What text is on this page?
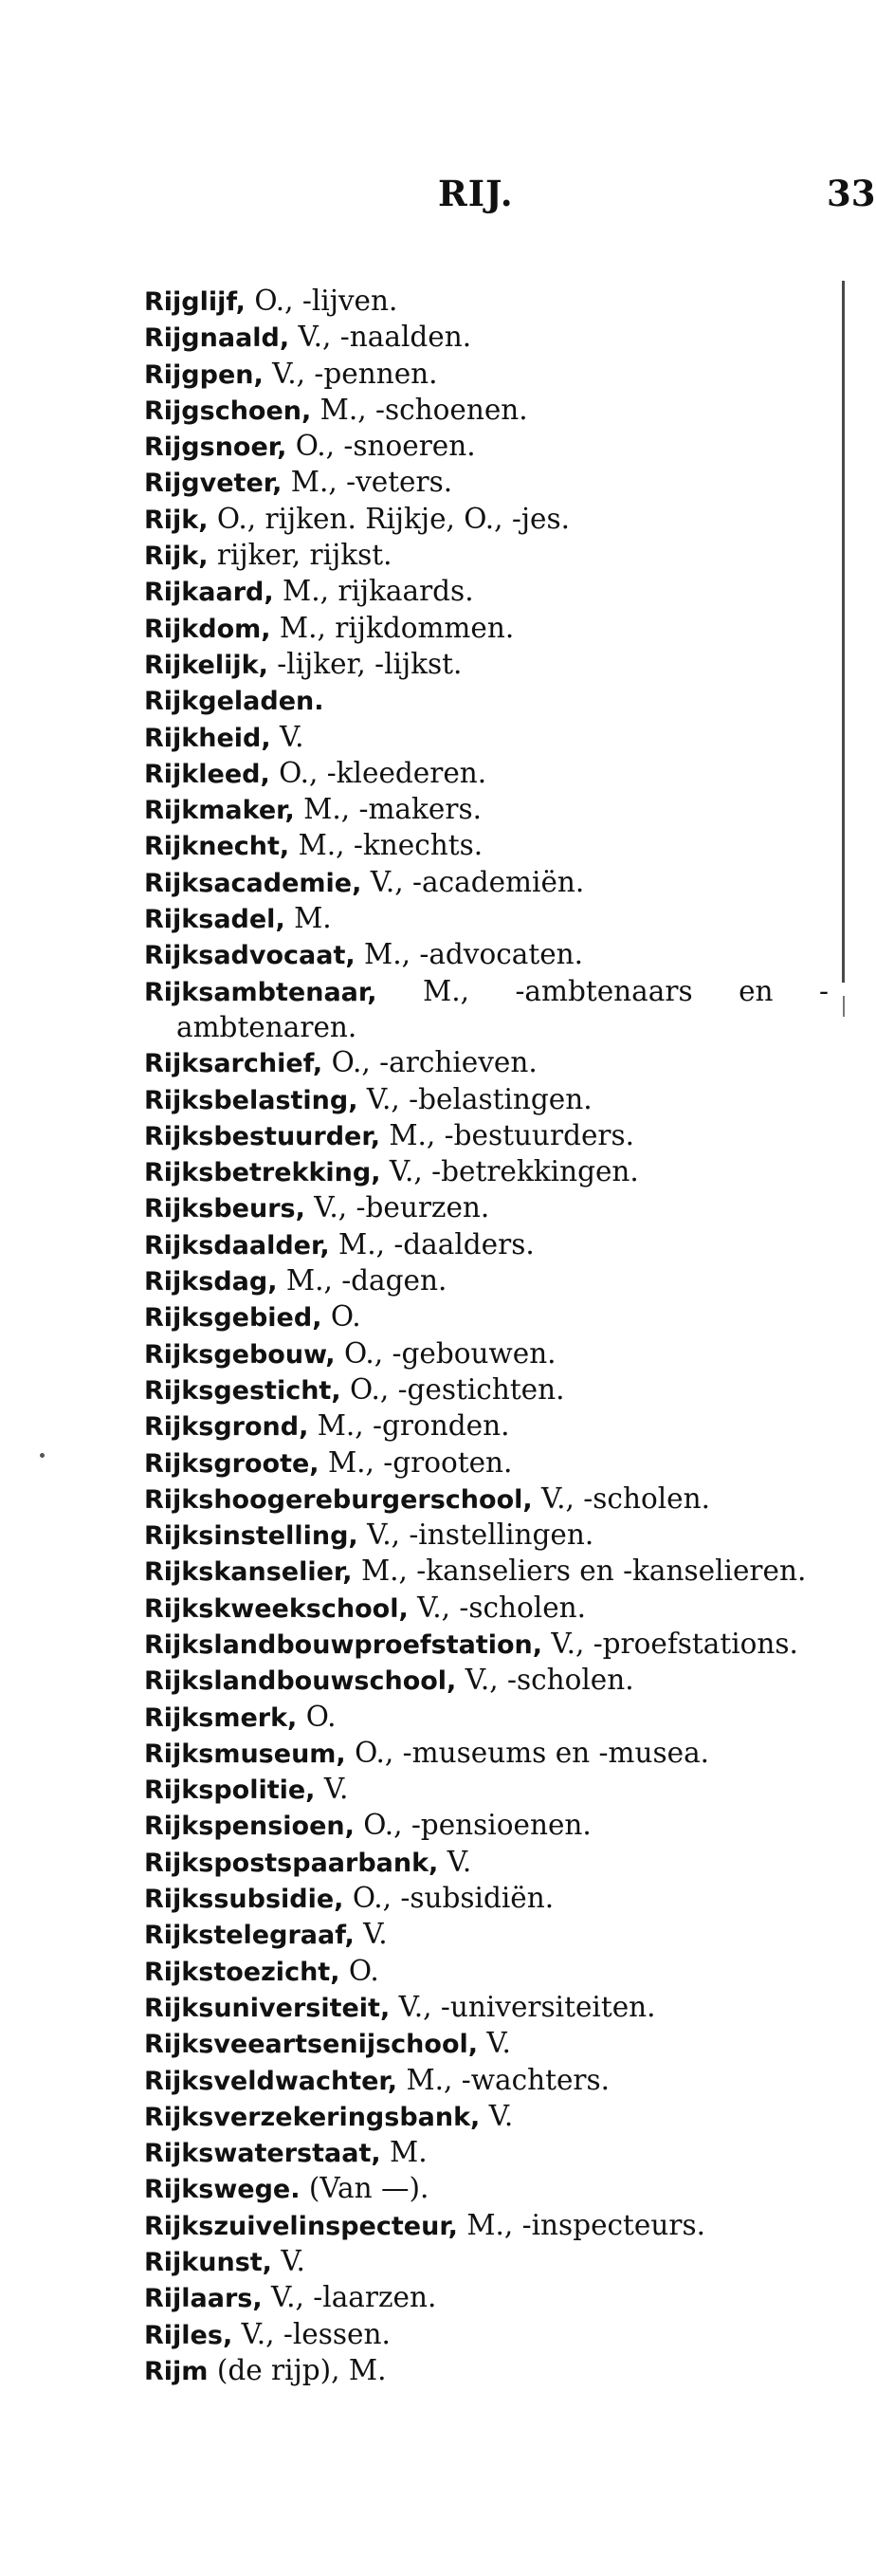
RIJ.	33
Rijglijf, O., -lijven.
Rijgnaald, V., -naalden.
Rijgpen, V., -pennen.
Rijgschoen, M., -schoenen.
Rijgsnoer, O., -snoeren.
Rijgveter, M., -veters.
Rijk, O., rijken. Rijkje, O., -jes.
Rijk, rijker, rijkst.
Rijkaard, M., rijkaards.
Rijkdom, M., rijkdommen.
Rijkelijk, -lijker, -lijkst.
Rijkgeladen.
Rijkheid, V.
Rijkleed, O., -kleederen.
Rijkmaker, M., -makers.
Rijknecht, M., -knechts.
Rijksacademie, V., -academiën.
Rijksadel, M.
Rijksadvocaat, M., -advocaten.
Rijksambtenaar, M., -ambtenaars en -ambtenaren.
Rijksarchief, O., -archieven.
Rijksbelasting, V., -belastingen.
Rijksbestuurder, M., -bestuurders.
Rijksbetrekking, V., -betrekkingen.
Rijksbeurs, V., -beurzen.
Rijksdaalder, M., -daalders.
Rijksdag, M., -dagen.
Rijksgebied, O.
Rijksgebouw, O., -gebouwen.
Rijksgesticht, O., -gestichten.
Rijksgrond, M., -gronden.
Rijksgroote, M., -grooten.
Rijkshoogereburgerschool, V., -scholen.
Rijksinstelling, V., -instellingen.
Rijkskanselier, M., -kanseliers en -kanselieren.
Rijkskweekschool, V., -scholen.
Rijkslandbouwproefstation, V., -proefstations.
Rijkslandbouwschool, V., -scholen.
Rijksmerk, O.
Rijksmuseum, O., -museums en -musea.
Rijkspolitie, V.
Rijkspensioen, O., -pensioenen.
Rijkspostspaarbank, V.
Rijkssubsidie, O., -subsidiën.
Rijkstelegraaf, V.
Rijkstoezicht, O.
Rijksuniversiteit, V., -universiteiten.
Rijksveeartsenijschool, V.
Rijksveldwachter, M., -wachters.
Rijksverzekeringsbank, V.
Rijkswaterstaat, M.
Rijkswege. (Van —).
Rijkszuivelinspecteur, M., -inspecteurs.
Rijkunst, V.
Rijlaars, V., -laarzen.
Rijles, V., -lessen.
Rijm (de rijp), M.
